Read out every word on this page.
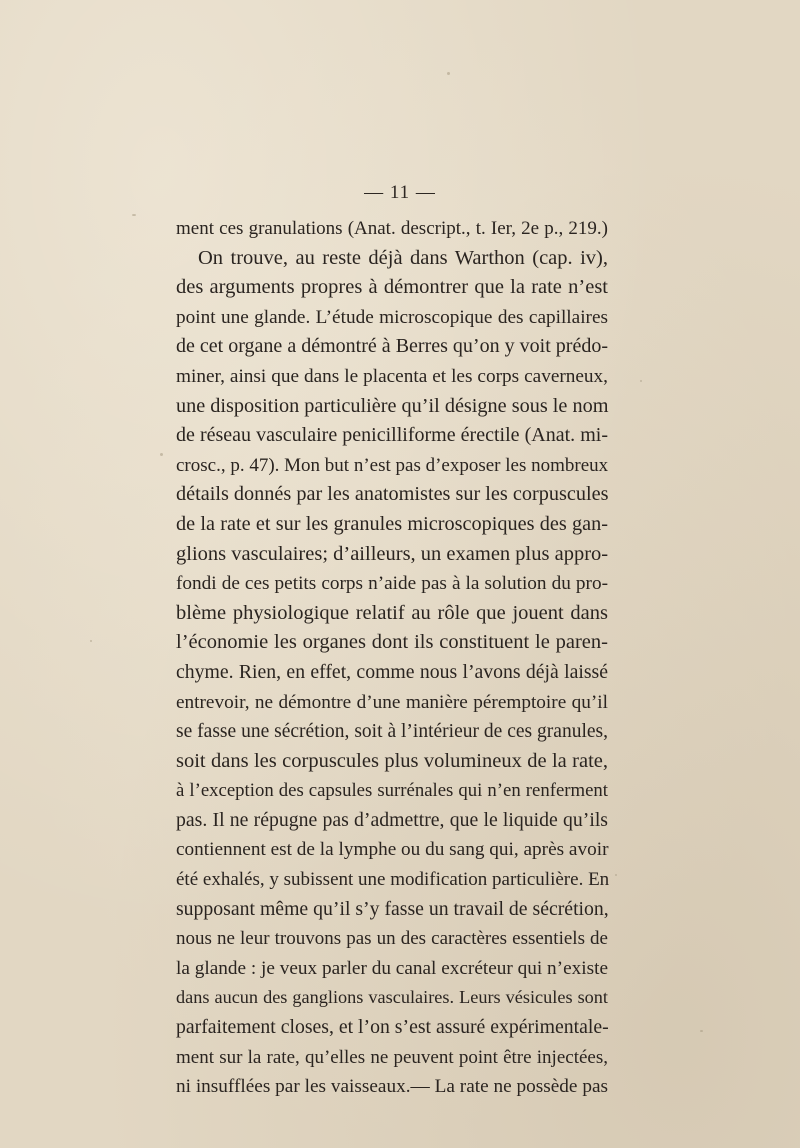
— 11 —
ment ces granulations (Anat. descript., t. Ier, 2e p., 219.)
On trouve, au reste déjà dans Warthon (cap. iv),
des arguments propres à démontrer que la rate n’est
point une glande. L’étude microscopique des capillaires
de cet organe a démontré à Berres qu’on y voit prédo-
miner, ainsi que dans le placenta et les corps caverneux,
une disposition particulière qu’il désigne sous le nom
de réseau vasculaire penicilliforme érectile (Anat. mi-
crosc., p. 47). Mon but n’est pas d’exposer les nombreux
détails donnés par les anatomistes sur les corpuscules
de la rate et sur les granules microscopiques des gan-
glions vasculaires; d’ailleurs, un examen plus appro-
fondi de ces petits corps n’aide pas à la solution du pro-
blème physiologique relatif au rôle que jouent dans
l’économie les organes dont ils constituent le paren-
chyme. Rien, en effet, comme nous l’avons déjà laissé
entrevoir, ne démontre d’une manière péremptoire qu’il
se fasse une sécrétion, soit à l’intérieur de ces granules,
soit dans les corpuscules plus volumineux de la rate,
à l’exception des capsules surrénales qui n’en renferment
pas. Il ne répugne pas d’admettre, que le liquide qu’ils
contiennent est de la lymphe ou du sang qui, après avoir
été exhalés, y subissent une modification particulière. En
supposant même qu’il s’y fasse un travail de sécrétion,
nous ne leur trouvons pas un des caractères essentiels de
la glande : je veux parler du canal excréteur qui n’existe
dans aucun des ganglions vasculaires. Leurs vésicules sont
parfaitement closes, et l’on s’est assuré expérimentale-
ment sur la rate, qu’elles ne peuvent point être injectées,
ni insufflées par les vaisseaux.— La rate ne possède pas
